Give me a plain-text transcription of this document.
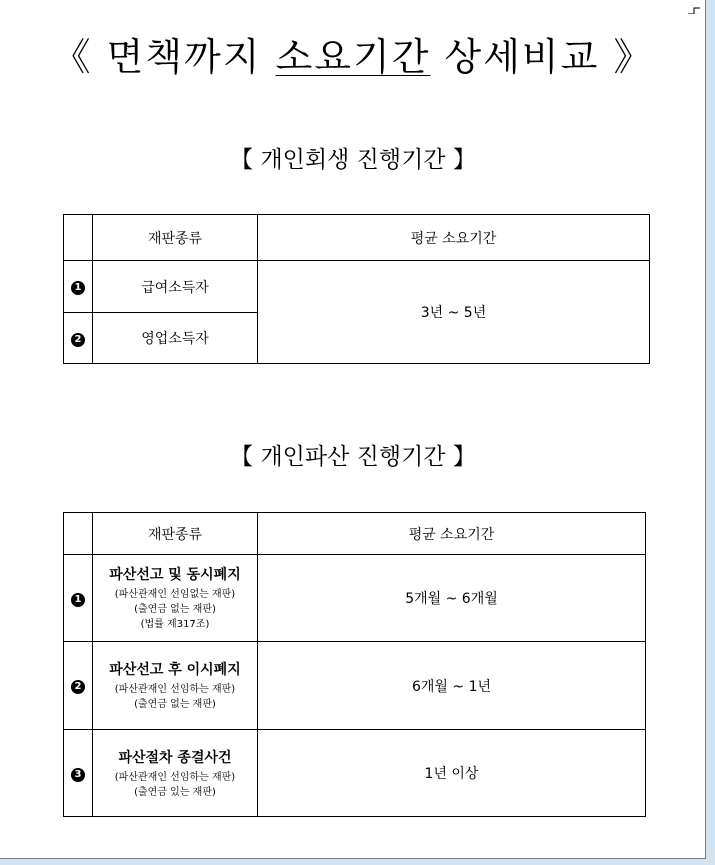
《 면책까지 소요기간 상세비교 》
【 개인회생 진행기간 】
	재판종류	평균 소요기간
1	급여소득자	3년 ~ 5년
2	영업소득자	
【 개인파산 진행기간 】
	재판종류	평균 소요기간
1	파산선고 및 동시폐지
(파산관재인 선임없는 재판)
(출연금 없는 재판)
(법률 제317조)	5개월 ~ 6개월
2	파산선고 후 이시폐지
(파산관재인 선임하는 재판)
(출연금 없는 재판)	6개월 ~ 1년
3	파산절차 종결사건
(파산관재인 선임하는 재판)
(출연금 있는 재판)	1년 이상
